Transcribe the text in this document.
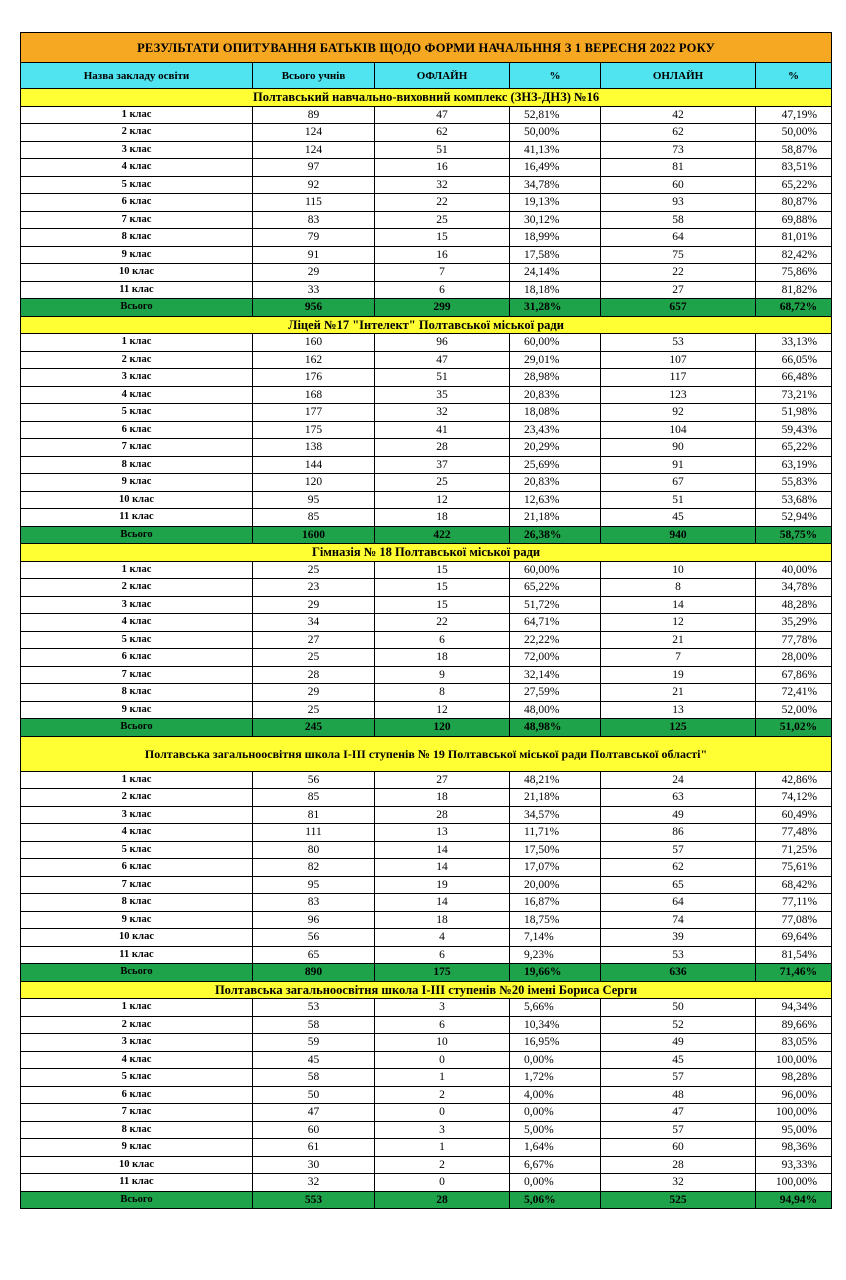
РЕЗУЛЬТАТИ ОПИТУВАННЯ БАТЬКІВ ЩОДО ФОРМИ НАЧАЛЬННЯ З 1 ВЕРЕСНЯ 2022 РОКУ					
Назва закладу освіти	Всього учнів	ОФЛАЙН	%	ОНЛАЙН	%
Полтавський навчально-виховний комплекс (ЗНЗ-ДНЗ) №16					
1 клас	89	47	52,81%	42	47,19%
2 клас	124	62	50,00%	62	50,00%
3 клас	124	51	41,13%	73	58,87%
4 клас	97	16	16,49%	81	83,51%
5 клас	92	32	34,78%	60	65,22%
6 клас	115	22	19,13%	93	80,87%
7 клас	83	25	30,12%	58	69,88%
8 клас	79	15	18,99%	64	81,01%
9 клас	91	16	17,58%	75	82,42%
10 клас	29	7	24,14%	22	75,86%
11 клас	33	6	18,18%	27	81,82%
Всього	956	299	31,28%	657	68,72%
Ліцей №17 "Інтелект" Полтавської міської ради					
1 клас	160	96	60,00%	53	33,13%
2 клас	162	47	29,01%	107	66,05%
3 клас	176	51	28,98%	117	66,48%
4 клас	168	35	20,83%	123	73,21%
5 клас	177	32	18,08%	92	51,98%
6 клас	175	41	23,43%	104	59,43%
7 клас	138	28	20,29%	90	65,22%
8 клас	144	37	25,69%	91	63,19%
9 клас	120	25	20,83%	67	55,83%
10 клас	95	12	12,63%	51	53,68%
11 клас	85	18	21,18%	45	52,94%
Всього	1600	422	26,38%	940	58,75%
Гімназія № 18 Полтавської міської ради					
1 клас	25	15	60,00%	10	40,00%
2 клас	23	15	65,22%	8	34,78%
3 клас	29	15	51,72%	14	48,28%
4 клас	34	22	64,71%	12	35,29%
5 клас	27	6	22,22%	21	77,78%
6 клас	25	18	72,00%	7	28,00%
7 клас	28	9	32,14%	19	67,86%
8 клас	29	8	27,59%	21	72,41%
9 клас	25	12	48,00%	13	52,00%
Всього	245	120	48,98%	125	51,02%
Полтавська загальноосвітня школа І-ІІІ ступенів № 19 Полтавської міської ради Полтавської області"					
1 клас	56	27	48,21%	24	42,86%
2 клас	85	18	21,18%	63	74,12%
3 клас	81	28	34,57%	49	60,49%
4 клас	111	13	11,71%	86	77,48%
5 клас	80	14	17,50%	57	71,25%
6 клас	82	14	17,07%	62	75,61%
7 клас	95	19	20,00%	65	68,42%
8 клас	83	14	16,87%	64	77,11%
9 клас	96	18	18,75%	74	77,08%
10 клас	56	4	7,14%	39	69,64%
11 клас	65	6	9,23%	53	81,54%
Всього	890	175	19,66%	636	71,46%
Полтавська загальноосвітня школа І-ІІІ ступенів №20 імені Бориса Серги					
1 клас	53	3	5,66%	50	94,34%
2 клас	58	6	10,34%	52	89,66%
3 клас	59	10	16,95%	49	83,05%
4 клас	45	0	0,00%	45	100,00%
5 клас	58	1	1,72%	57	98,28%
6 клас	50	2	4,00%	48	96,00%
7 клас	47	0	0,00%	47	100,00%
8 клас	60	3	5,00%	57	95,00%
9 клас	61	1	1,64%	60	98,36%
10 клас	30	2	6,67%	28	93,33%
11 клас	32	0	0,00%	32	100,00%
Всього	553	28	5,06%	525	94,94%
